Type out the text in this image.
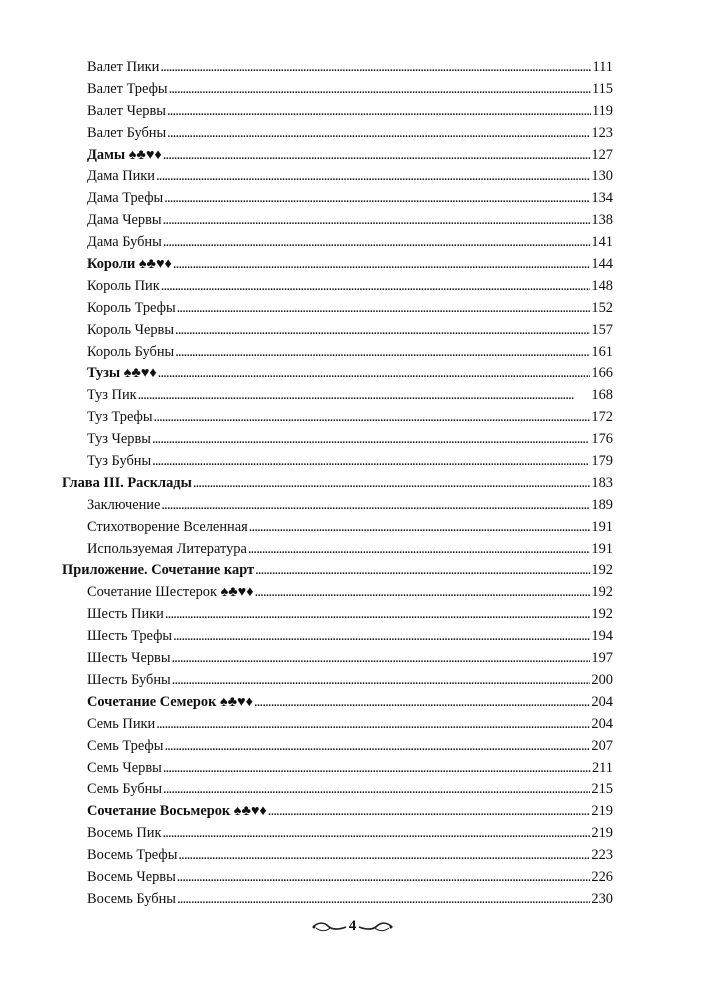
Валет Пики . . .	111
Валет Трефы . . .	115
Валет Червы . . .	119
Валет Бубны . . .	123
Дамы ♠♣♥♦ . . .	127
Дама Пики . . .	130
Дама Трефы . . .	134
Дама Червы . . .	138
Дама Бубны . . .	141
Короли ♠♣♥♦ . . .	144
Король Пик . . .	148
Король Трефы . . .	152
Король Червы . . .	157
Король Бубны . . .	161
Тузы ♠♣♥♦ . . .	166
Туз Пик . . .	168
Туз Трефы . . .	172
Туз Червы . . .	176
Туз Бубны . . .	179
Глава III. Расклады . . .	183
Заключение . . .	189
Стихотворение Вселенная . . .	191
Используемая Литература . . .	191
Приложение. Сочетание карт . . .	192
Сочетание Шестерок ♠♣♥♦ . . .	192
Шесть Пики . . .	192
Шесть Трефы . . .	194
Шесть Червы . . .	197
Шесть Бубны . . .	200
Сочетание Семерок ♠♣♥♦ . . .	204
Семь Пики . . .	204
Семь Трефы . . .	207
Семь Червы . . .	211
Семь Бубны . . .	215
Сочетание Восьмерок ♠♣♥♦ . . .	219
Восемь Пик . . .	219
Восемь Трефы . . .	223
Восемь Червы . . .	226
Восемь Бубны . . .	230
4
